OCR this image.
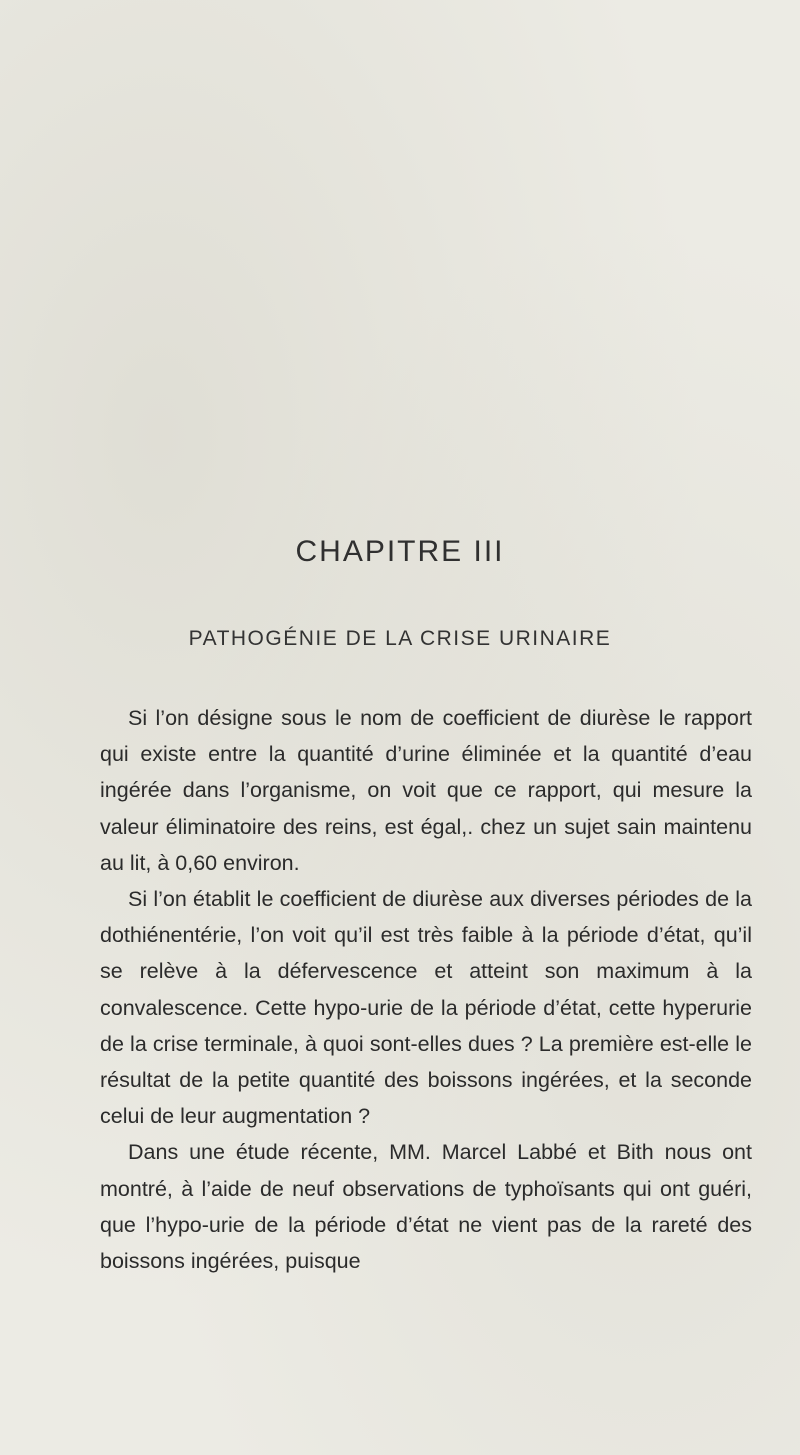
CHAPITRE III
PATHOGÉNIE DE LA CRISE URINAIRE

Si l’on désigne sous le nom de coefficient de diurèse le rapport qui existe entre la quantité d’urine éliminée et la quantité d’eau ingérée dans l’organisme, on voit que ce rapport, qui mesure la valeur éliminatoire des reins, est égal,. chez un sujet sain maintenu au lit, à 0,60 environ.

Si l’on établit le coefficient de diurèse aux diverses périodes de la dothiénentérie, l’on voit qu’il est très faible à la période d’état, qu’il se relève à la défervescence et atteint son maximum à la convalescence. Cette hypo-urie de la période d’état, cette hyperurie de la crise terminale, à quoi sont-elles dues ? La première est-elle le résultat de la petite quantité des boissons ingérées, et la seconde celui de leur augmentation ?

Dans une étude récente, MM. Marcel Labbé et Bith nous ont montré, à l’aide de neuf observations de typhoïsants qui ont guéri, que l’hypo-urie de la période d’état ne vient pas de la rareté des boissons ingérées, puisque
